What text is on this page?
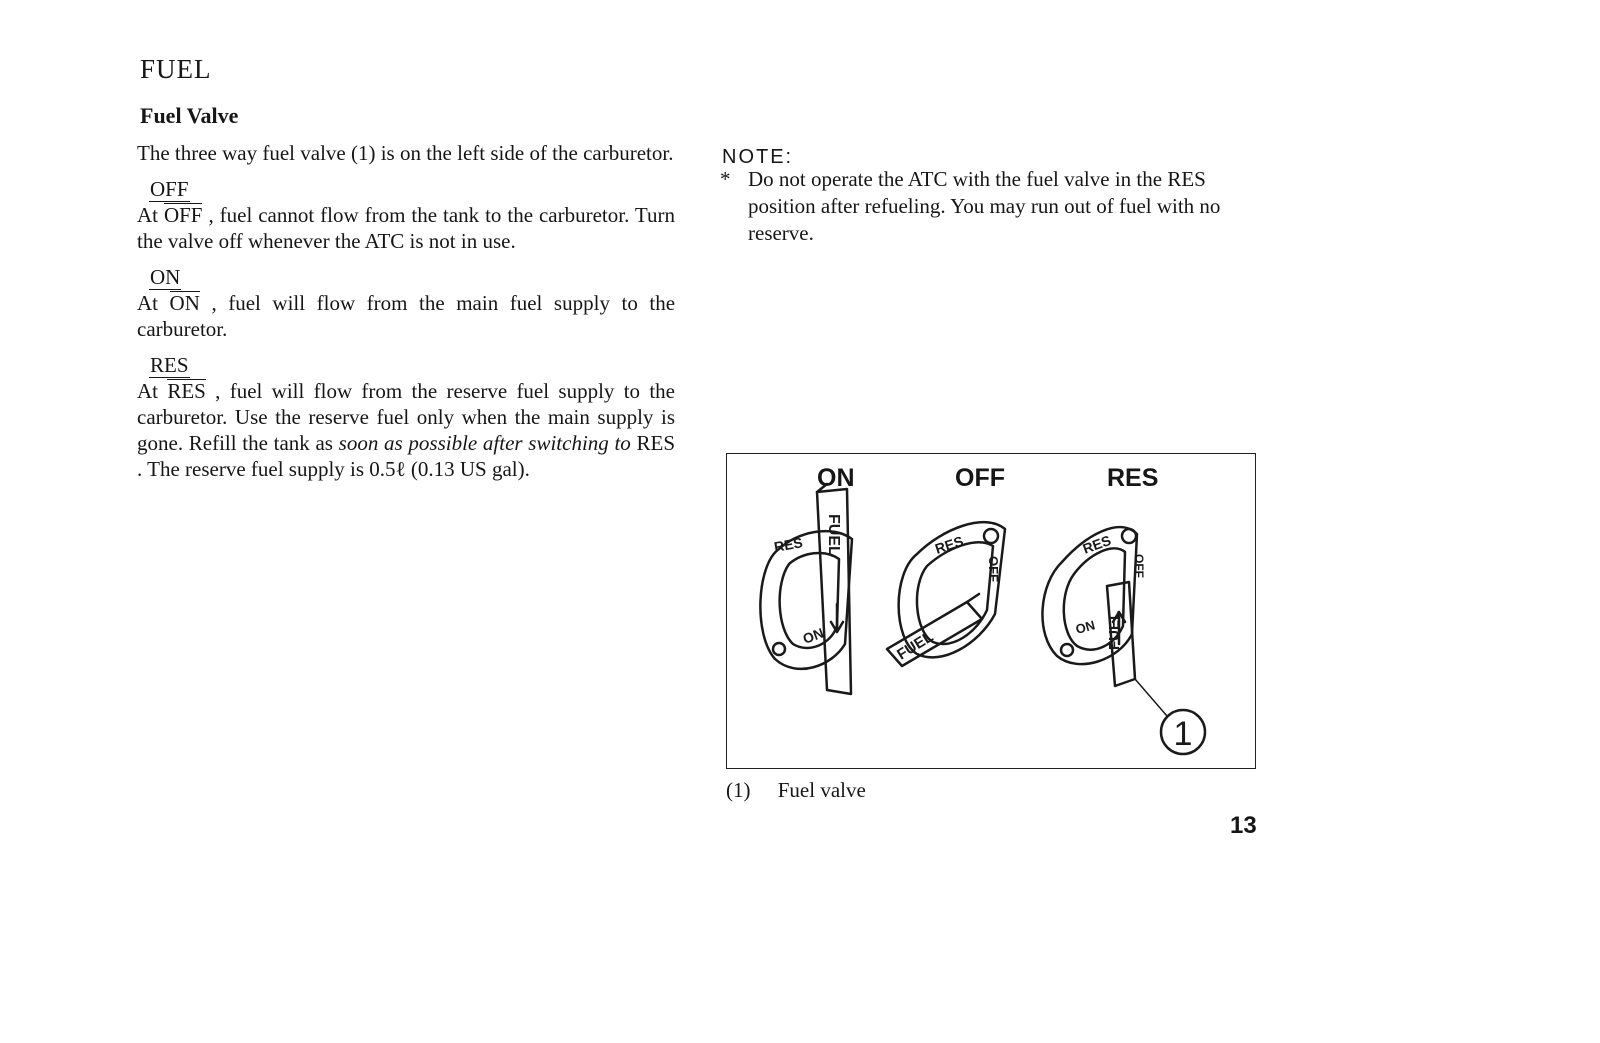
FUEL
Fuel Valve

The three way fuel valve (1) is on the left side of the carburetor.

OFF

At OFF , fuel cannot flow from the tank to the carburetor. Turn the valve off whenever the ATC is not in use.

ON

At ON , fuel will flow from the main fuel supply to the carburetor.

RES

At RES , fuel will flow from the reserve fuel supply to the carburetor. Use the reserve fuel only when the main supply is gone. Refill the tank as soon as possible after switching to RES . The reserve fuel supply is 0.5ℓ (0.13 US gal).

NOTE:
* Do not operate the ATC with the fuel valve in the RES position after refueling. You may run out of fuel with no reserve.
ON	OFF	RES
FUEL
RES
ON	FUEL
RES
OFF
FUEL
RES
ON
OFF
1
(1) Fuel valve
13
